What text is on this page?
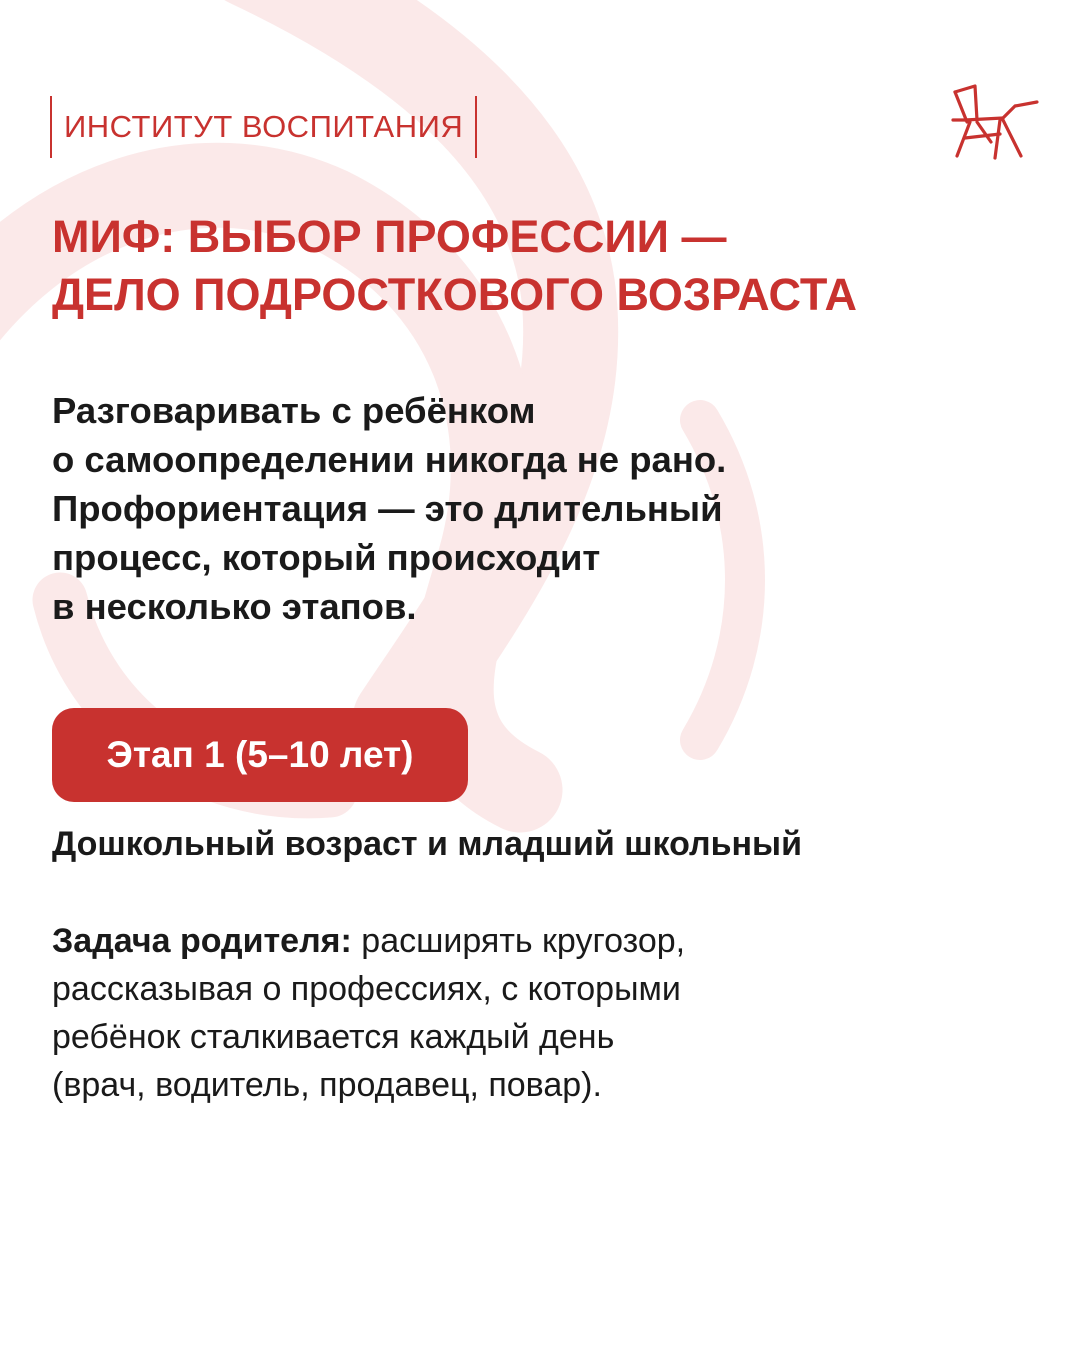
ИНСТИТУТ ВОСПИТАНИЯ
МИФ: ВЫБОР ПРОФЕССИИ —
ДЕЛО ПОДРОСТКОВОГО ВОЗРАСТА

Разговаривать с ребёнком
о самоопределении никогда не рано.
Профориентация — это длительный
процесс, который происходит
в несколько этапов.

Этап 1 (5–10 лет)

Дошкольный возраст и младший школьный

Задача родителя: расширять кругозор,
рассказывая о профессиях, с которыми
ребёнок сталкивается каждый день
(врач, водитель, продавец, повар).
